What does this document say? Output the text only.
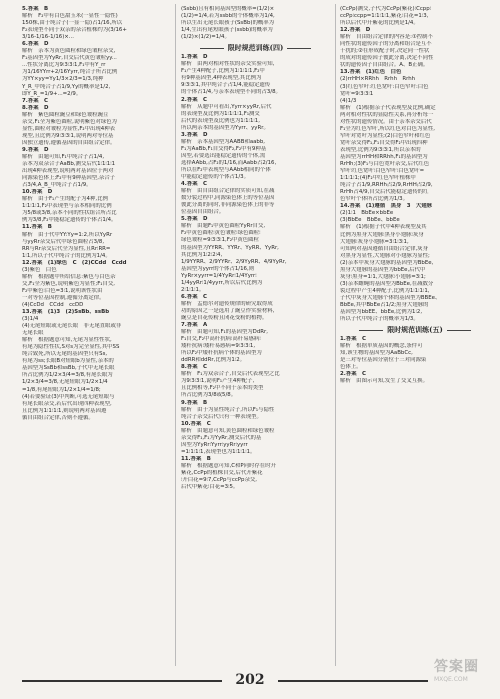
5.答案　B

解析　F₂中有白色甜玉米(一显性一隐性)

150株,由于纯合子(一显一隐)占1/16,所以

F₂表现型不同于双亲的杂合植株约为(3/16+

3/16-1/16-1/16)×...

6.答案　D

解析　亲本为黄色圆粒和绿色皱粒杂交,

F₁基因型为YyRr,自交后代黄色皱粒yy...

...性状分离比为9∶3∶3∶1,F₁中有Y_rr

为1/16YYrr+2/16Yyrr,纯合子所占比例

为YY×yy=Yy1/3×2/3=1/3,纯种

Y_R_中纯合子占1/9,Yy的概率是1/2,

即Y_R_=1/9+...=2/9。

7.答案　C

8.答案　D

解析　紫色圆粒豌豆和绿色皱粒豌豆

杂交,F₁全为紫色圆粒,说明紫色对绿色为

显性,圆粒对皱粒为显性,F₂中出现4种表

现型,且比例为9∶3∶3∶1,说明两对等位基

因独立遗传,遵循基因的自由组合定律。

9.答案　D

解析　由题可知,F₁中纯合子占1/4,

亲本为双杂合子AaBb,测交后代1∶1∶1∶1

出现4种表现型,说明两对基因位于两对

同源染色体上;F₂中有9种基因型,杂合子

占3/4,A_B_中纯合子占1/9。

10.答案　D

解析　由于F₁产生的配子为4种,比例

1∶1∶1∶1,F₂中表现型与亲本相同的比例

为5/8或3/8,亲本不同的性状组合所占比

例为3/8,F₂中能稳定遗传的个体占1/4。

11.答案　B

解析　由于代中YY:Yy=1:2,所以YyRr

与yyRr杂交后代中绿色圆粒占3/8,

RR与Rr杂交后代全为显性,且Rr∶RR=

1∶1,所以子代中纯合子的比例为1/4。

12.答案　(1)绿色　C　(2)CCdd　Ccdd

(3)紫色　白色

解析　根据题中所给信息:紫色与白色杂

交,F₁全为紫色,说明紫色为显性;F₁自交,

F₂中紫色∶白色=3∶1,说明该性状由

一对等位基因控制,遵循分离定律。

(4)CcDd　CCdd　ccDD

13.答案　(1)3　(2)SsBb、ssBb

(3)1/4

(4)无尾短眼或无尾长眼　非无尾直眼或非

无尾长眼

解析　根据题意可知,无尾为显性性状,

有尾为隐性性状,S对s为完全显性,其中SS

纯合致死,所以无尾的基因型只有Ss,

有尾为ss;长眼B对短眼b为显性,亲本的

基因型为SsBb和ssBb,子代中无尾长眼

所占比例为1/2×3/4=3/8,有尾长眼为

1/2×3/4=3/8,无尾短眼为1/2×1/4

=1/8,有尾短眼为1/2×1/4=1/8;

(4)若要验证(3)中判断,可选无尾短眼与

有尾长眼杂交,若后代出现四种表现型,

且比例为1∶1∶1∶1,则说明两对基因遵

循自由组合定律,否则不遵循。

(Ssbb)且有相同基因型的概率=(1/2)×

(1/2)=1/4,若为ssbb的个体概率为1/4,

所以生出无尾长眼孩子(SsBb)的概率为

1/4,生出有尾短眼孩子(ssbb)的概率为

(1/2)×(1/2)=1/4。

限时规范训练(四)

1.答案　D

解析　由两对相对性状的杂交实验可知,

F₁产生4种配子,比例为1∶1∶1∶1,F₂中

有9种基因型,4种表现型,其比例为

9∶3∶3∶1,其中纯合子占1/4,能稳定遗传

的个体占1/4,与亲本表现型不同的占3/8。

2.答案　C

解析　从题中可看出,Yyrr×yyRr,后代

的表现型及比例为1∶1∶1∶1,F₁测交

后代的表现型及比例也为1∶1∶1∶1,

所以两亲本的基因型为Yyrr、yyRr。

3.答案　D

解析　亲本基因型为AABB和aabb,

F₁为AaBb,F₁自交得F₂,F₂中有9种基

因型,若要选出能稳定遗传的个体,需

选择AAbb,占F₂的1/16,而Aabb占2/16,

所以在F₂中表现型与AAbb相同的个体

中能稳定遗传的个体占1/3。

4.答案　C

解析　由自由组合定律的实质可知,在减

数分裂过程中,同源染色体上的等位基因

彼此分离的同时,非同源染色体上的非等

位基因自由组合。

5.答案　D

解析　由题F₁中黄色圆粒YyRr自交,

F₂中黄色圆粒∶黄色皱粒∶绿色圆粒∶

绿色皱粒=9∶3∶3∶1,F₂中黄色圆粒

的基因型为YYRR、YYRr、YyRR、YyRr,

其比例为1∶2∶2∶4,

1/9YYRR、2/9YYRr、2/9YyRR、4/9YyRr,

基因型为yyrr的个体占1/16,则

YyRr×yyrr=1/4YyRr∶1/4Yyrr∶

1/4yyRr∶1/4yyrr,所以后代比例为

2∶1∶1∶1。

6.答案　C

解析　孟德尔对遗传规律的研究取得成

功的原因之一是选用了豌豆作实验材料,

豌豆是自花传粉且闭花受粉的植物。

7.答案　A

解析　由题可知,F₁的基因型为DdRr,

F₁自交,F₂中高秆抗病∶高秆易感病∶

矮秆抗病∶矮秆易感病=9∶3∶3∶1,

所以F₂中矮秆抗病个体的基因型为

ddRR和ddRr,比例为1∶2。

8.答案　C

解析　F₁为双杂合子,自交后代表现型之比

为9∶3∶3∶1,说明F₁产生4种配子,

且比例相等,F₂中不同于亲本的类型

所占比例为3/8或5/8。

9.答案　B

解析　由于为显性纯合子,所以F₁与隐性

纯合子杂交后代只有一种表现型。

10.答案　C

解析　由题意可知,黄色圆粒和绿色皱粒

杂交得F₁,F₁为YyRr,测交后代的基

因型为YyRr∶Yyrr∶yyRr∶yyrr

=1∶1∶1∶1,表现型也为1∶1∶1∶1。

11.答案　B

解析　根据题意可知,C和P同时存在时开

紫花,CcPp的植株自交,后代开紫花

∶开白花=9∶7,CcPp与ccPp杂交,

后代中紫花∶白花=3∶5。

(CcPp)测交,子代为CcPp(紫花)∶Ccpp∶

ccPp∶ccpp=1∶1∶1∶1,紫花∶白花=1∶3,

所以后代中开紫花的比例是1/4。

12.答案　D

解析　自由组合定律的内容是:①控制不

同性状的遗传因子的分离和组合是互不

干扰的;②在形成配子时,决定同一性状

的成对的遗传因子彼此分离,决定不同性

状的遗传因子自由组合。A、B正确。

13.答案　(1)红色　白色

(2)rrHH×RRhh　Rrhh　Rrhh

(3)红色窄叶:红色宽叶:白色窄叶:白色

宽叶=9∶3∶3∶1

(4)1/3

解析　(1)根据亲子代表现型及比例,确定

两对相对性状的显隐性关系,再分析每一

对性状的遗传情况。由于亲本杂交后代

F₁全为红色窄叶,所以红色对白色为显性,

窄叶对宽叶为显性;(2)白色窄叶和红色

宽叶杂交得F₁,F₁自交得F₂中出现四种

表现型,比例为9∶3∶3∶1,所以亲本的

基因型为rrHH和RRhh,F₁的基因型为

RrHh;(3)F₁与白色宽叶杂交,后代红色

窄叶∶红色宽叶∶白色窄叶∶白色宽叶=

1∶1∶1∶1;(4)F₂中红色窄叶植株中

纯合子占1/9,RRHh占2/9,RrHH占2/9,

RrHh占4/9,自交后代能稳定遗传的红

色窄叶个体所占比例为1/3。

14.答案　(1)遵循　黑身　3　大翅脉

(2)1∶1　BbEe×bbEe

(3)BbEe　BbEe、bbEe

解析　(1)根据子代中4种表现型及其

比例为黑身大翅脉∶黑身小翅脉∶灰身

大翅脉∶灰身小翅脉=3∶1∶3∶1,

可知两对基因遵循自由组合定律,灰身

对黑身为显性,大翅脉对小翅脉为显性;

(2)亲本中灰身大翅脉的基因型为BbEe,

黑身大翅脉的基因型为bbEe,后代中

灰身∶黑身=1∶1,大翅脉∶小翅脉=3∶1;

(3)亲本雌蝇的基因型为BbEe,在减数分

裂过程中产生4种配子,比例为1∶1∶1∶1,

子代中灰身大翅脉个体的基因型为BBEe、

BbEe,其中BbEe占1/2;黑身大翅脉的

基因型为bbEE、bbEe,比例为1∶2,

所以子代中纯合子的概率为1/3。

限时规范训练(五)

1.答案　C

解析　根据单质基因的概念,条件可

知,该生物的基因型为AaBbCc,

是三对等位基因分别位于三对同源染

色体上。

2.答案　C

解析　由图示可知,发生了交叉互换。

202
答案圈
MXQE.COM
